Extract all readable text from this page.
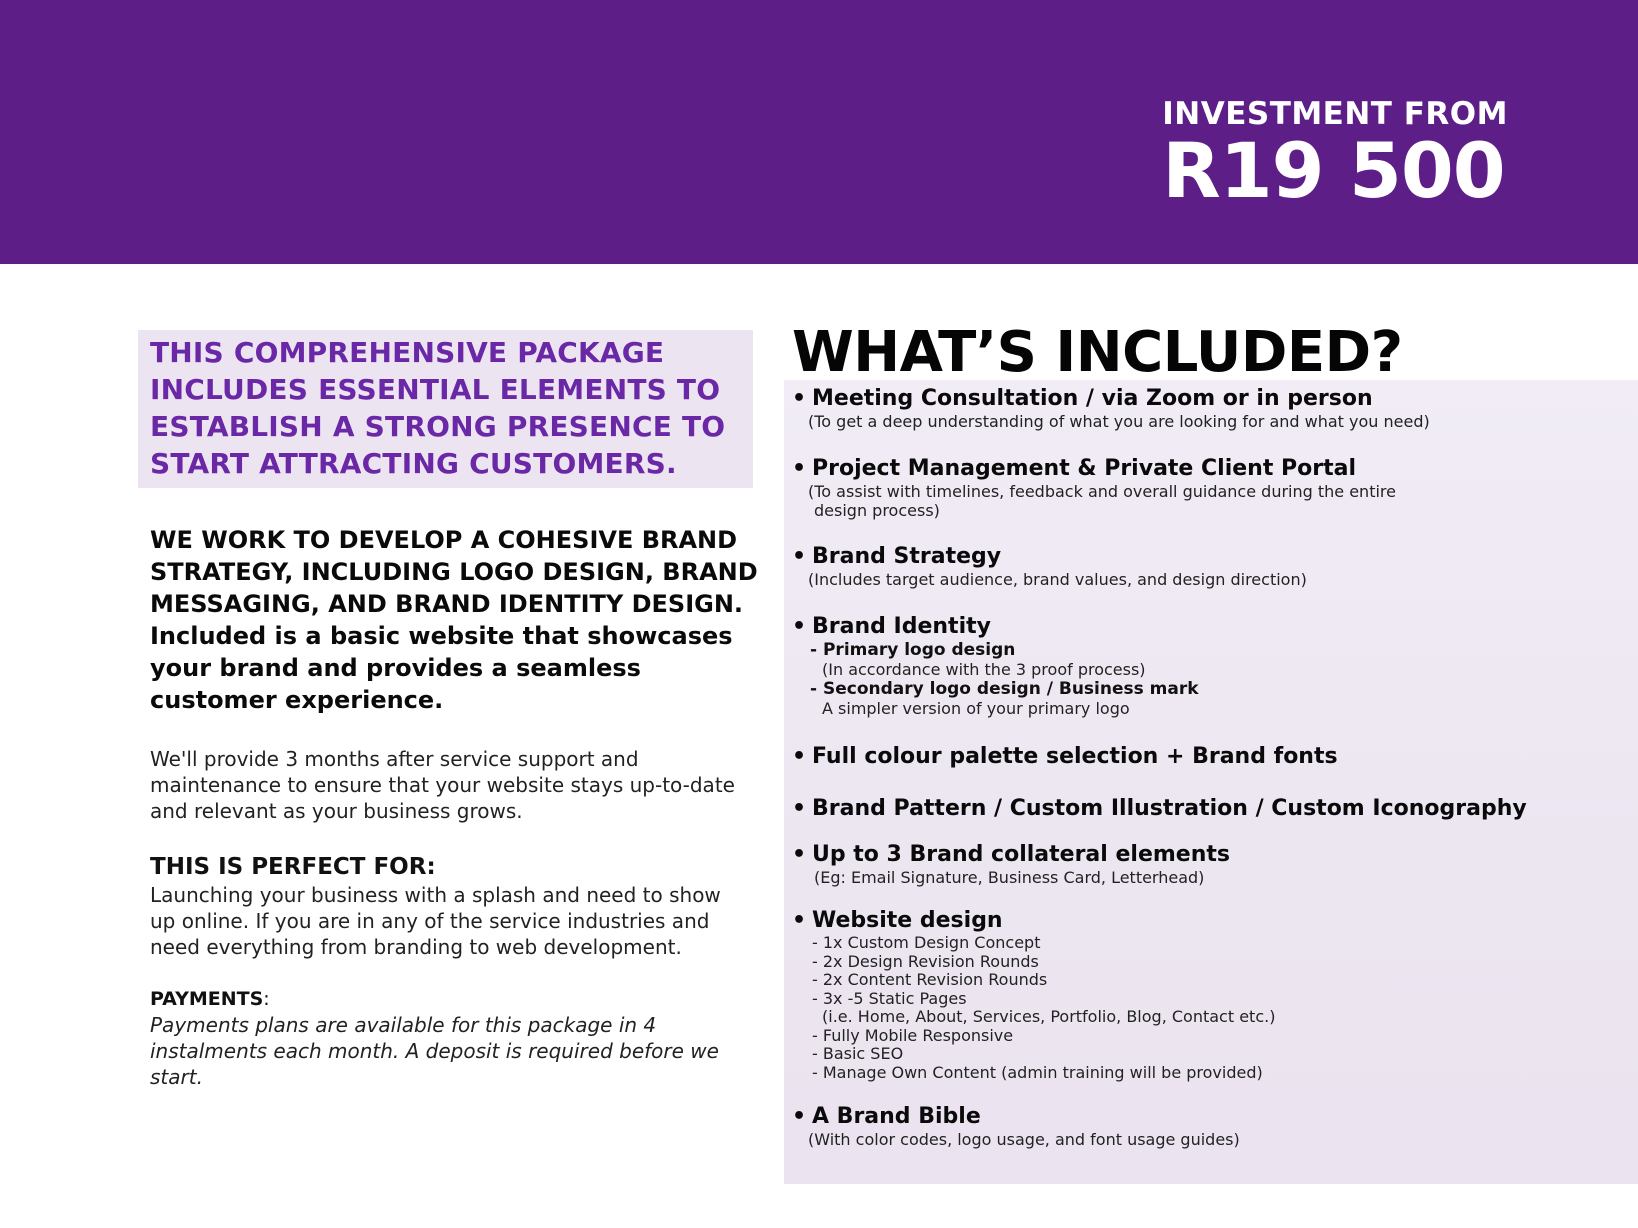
INVESTMENT FROM
R19 500

THIS COMPREHENSIVE PACKAGE INCLUDES ESSENTIAL ELEMENTS TO ESTABLISH A STRONG PRESENCE TO START ATTRACTING CUSTOMERS.

WE WORK TO DEVELOP A COHESIVE BRAND STRATEGY, INCLUDING LOGO DESIGN, BRAND MESSAGING, AND BRAND IDENTITY DESIGN.
Included is a basic website that showcases your brand and provides a seamless customer experience.

We'll provide 3 months after service support and maintenance to ensure that your website stays up-to-date and relevant as your business grows.

THIS IS PERFECT FOR:

Launching your business with a splash and need to show up online. If you are in any of the service industries and need everything from branding to web development.

PAYMENTS:

Payments plans are available for this package in 4 instalments each month. A deposit is required before we start.

WHAT’S INCLUDED?
• Meeting Consultation / via Zoom or in person
(To get a deep understanding of what you are looking for and what you need)
• Project Management & Private Client Portal
(To assist with timelines, feedback and overall guidance during the entire
design process)
• Brand Strategy
(Includes target audience, brand values, and design direction)
• Brand Identity
- Primary logo design
(In accordance with the 3 proof process)
- Secondary logo design / Business mark
A simpler version of your primary logo
• Full colour palette selection + Brand fonts
• Brand Pattern / Custom Illustration / Custom Iconography
• Up to 3 Brand collateral elements
(Eg: Email Signature, Business Card, Letterhead)
• Website design
- 1x Custom Design Concept
- 2x Design Revision Rounds
- 2x Content Revision Rounds
- 3x -5 Static Pages
(i.e. Home, About, Services, Portfolio, Blog, Contact etc.)
- Fully Mobile Responsive
- Basic SEO
- Manage Own Content (admin training will be provided)
• A Brand Bible
(With color codes, logo usage, and font usage guides)
